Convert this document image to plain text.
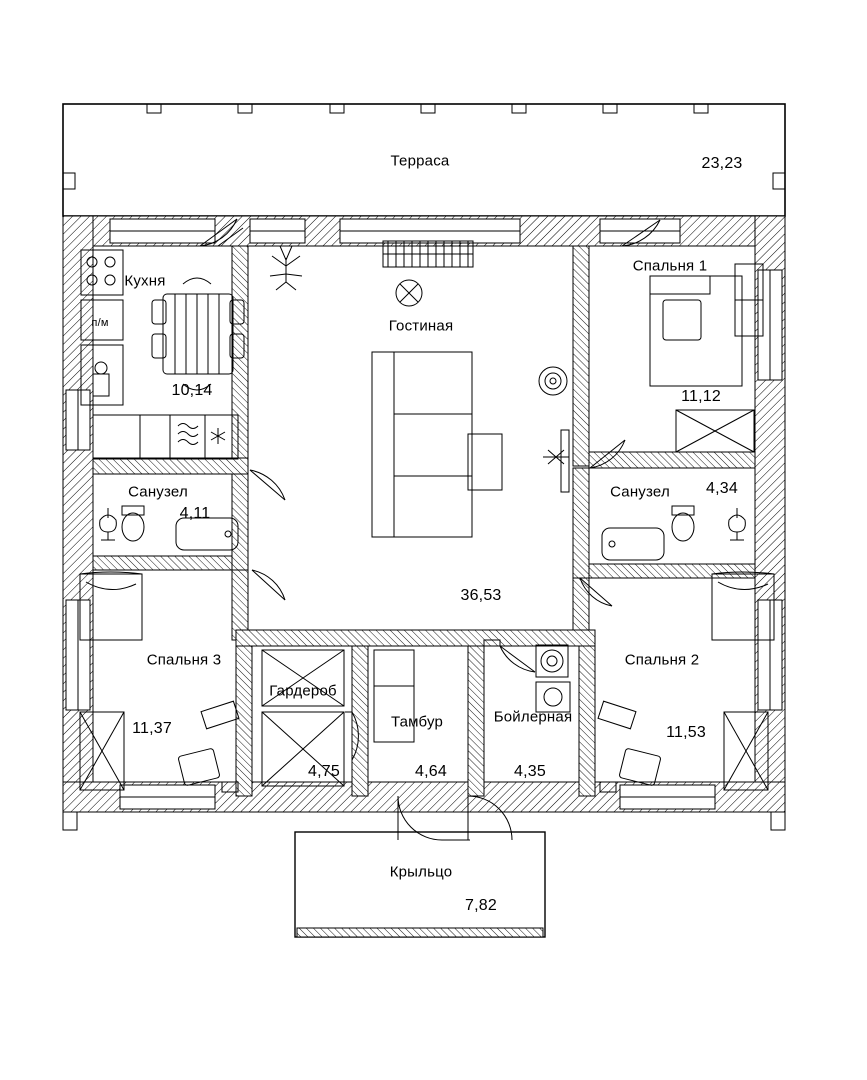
Терраса	23,23
Кухня
10,14
Гостиная
36,53
Спальня 1
11,12
Санузел
4,11
Санузел 4,34
Спальня 3
11,37
Спальня 2
11,53
Гардероб
4,75
Тамбур
4,64
Бойлерная
4,35
Крыльцо
7,82
п/м
